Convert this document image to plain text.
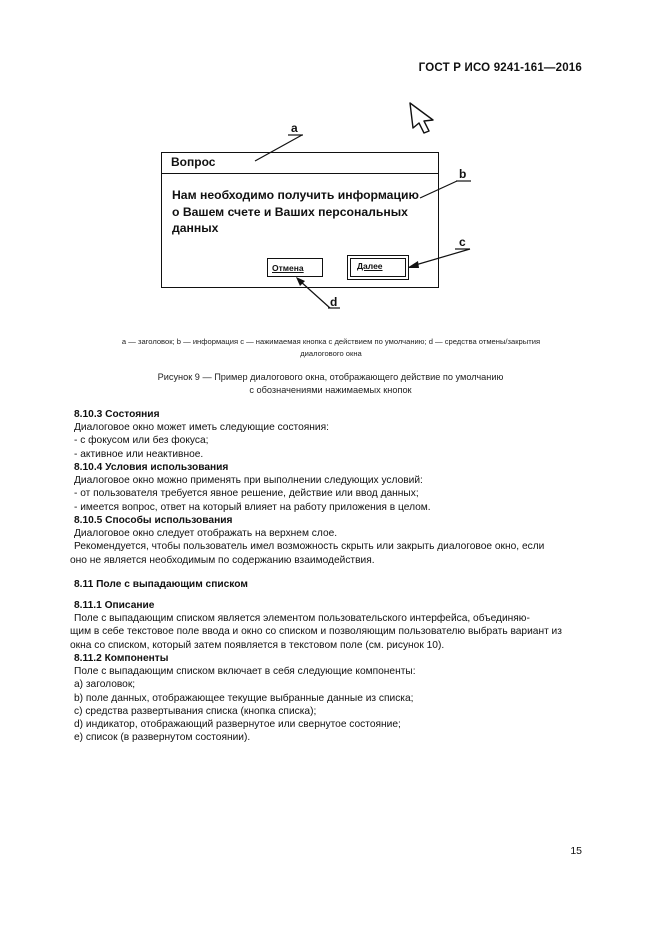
ГОСТ Р ИСО 9241-161—2016
a
b
c
d
Вопрос
Нам необходимо получить информацию о Вашем счете и Ваших персональных данных
Отмена	Далее
а — заголовок; b — информация c — нажимаемая кнопка с действием по умолчанию; d — средства отмены/закрытия
диалогового окна
Рисунок 9 — Пример диалогового окна, отображающего действие по умолчанию
с обозначениями нажимаемых кнопок
8.10.3 Состояния
Диалоговое окно может иметь следующие состояния:
- с фокусом или без фокуса;
- активное или неактивное.
8.10.4 Условия использования
Диалоговое окно можно применять при выполнении следующих условий:
- от пользователя требуется явное решение, действие или ввод данных;
- имеется вопрос, ответ на который влияет на работу приложения в целом.
8.10.5 Способы использования
Диалоговое окно следует отображать на верхнем слое.
Рекомендуется, чтобы пользователь имел возможность скрыть или закрыть диалоговое окно, если
оно не является необходимым по содержанию взаимодействия.
8.11 Поле с выпадающим списком
8.11.1 Описание
Поле с выпадающим списком является элементом пользовательского интерфейса, объединяю-
щим в себе текстовое поле ввода и окно со списком и позволяющим пользователю выбрать вариант из
окна со списком, который затем появляется в текстовом поле (см. рисунок 10).
8.11.2 Компоненты
Поле с выпадающим списком включает в себя следующие компоненты:
а) заголовок;
b) поле данных, отображающее текущие выбранные данные из списка;
c) средства развертывания списка (кнопка списка);
d) индикатор, отображающий развернутое или свернутое состояние;
е) список (в развернутом состоянии).
15
